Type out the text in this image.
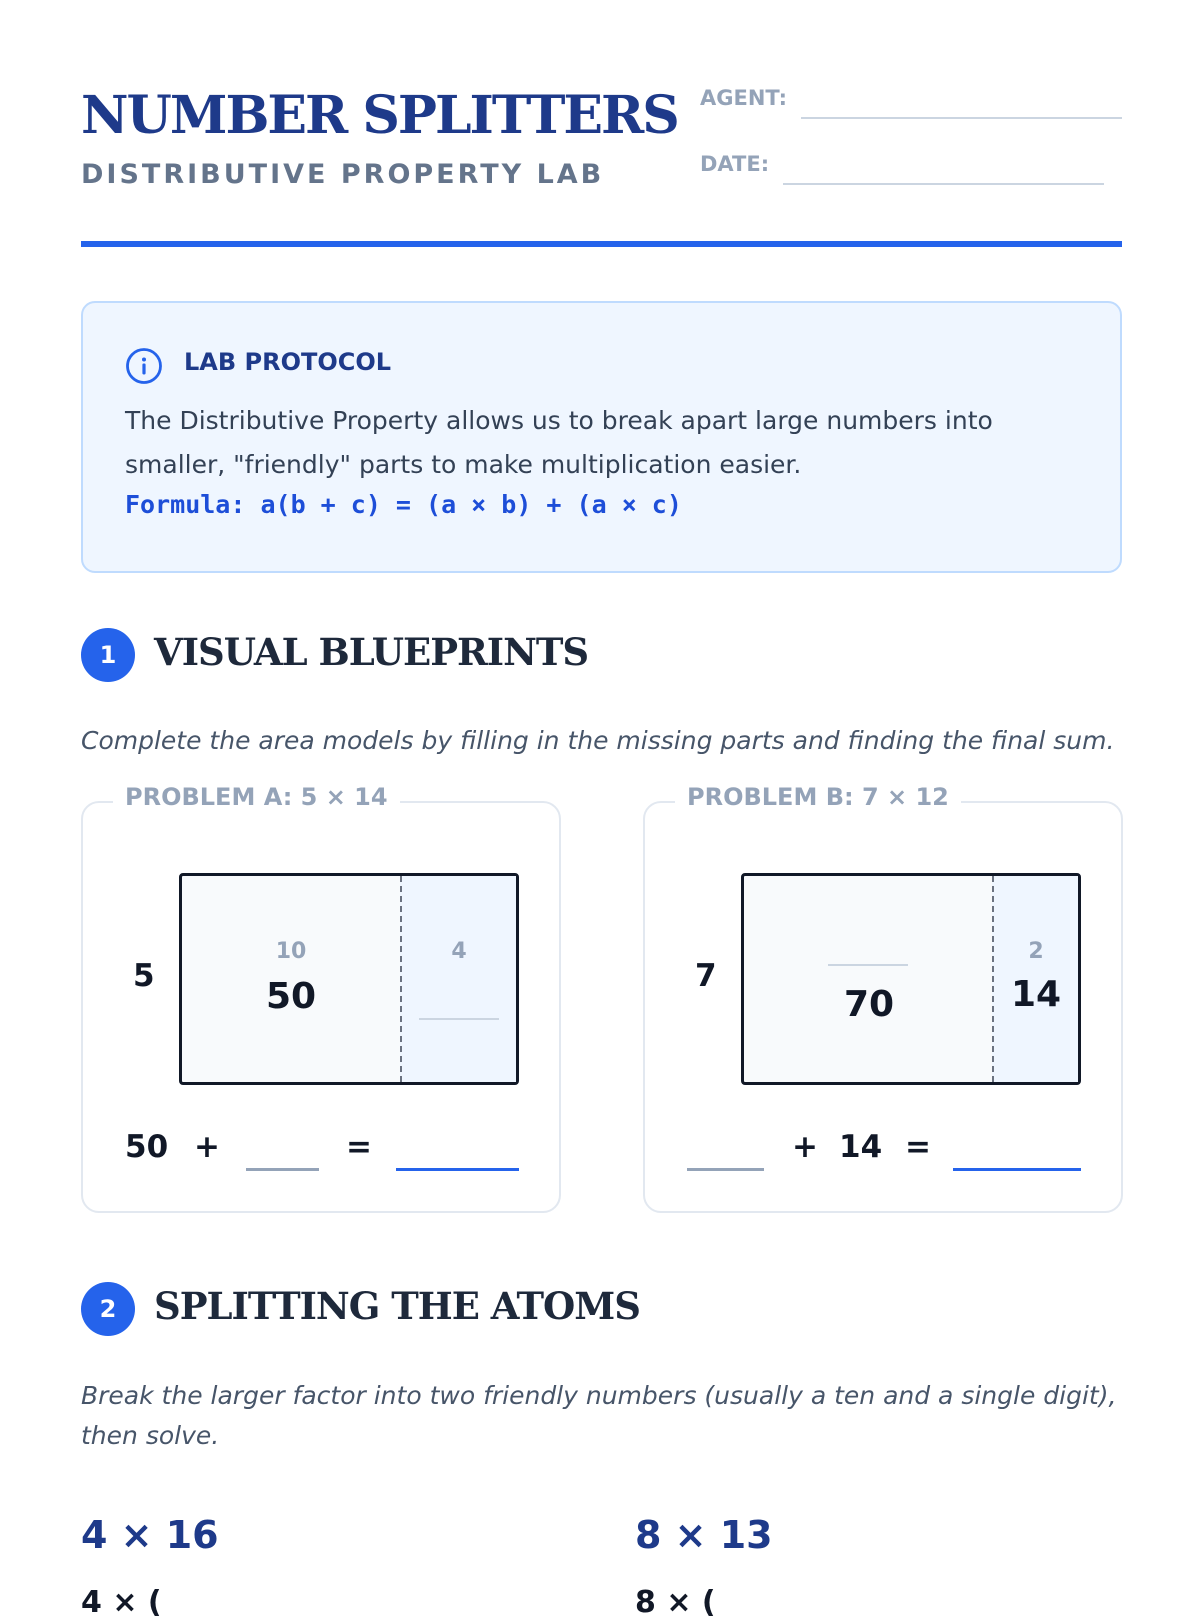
NUMBER SPLITTERS
DISTRIBUTIVE PROPERTY LAB
AGENT:
DATE:
LAB PROTOCOL
The Distributive Property allows us to break apart large numbers into smaller, "friendly" parts to make multiplication easier.
Formula: a(b + c) = (a × b) + (a × c)
1	VISUAL BLUEPRINTS
Complete the area models by filling in the missing parts and finding the final sum.
PROBLEM A: 5 × 14
5
10
50
4
50 +	=
PROBLEM B: 7 × 12
7
70
2
14
+ 14 =
2	SPLITTING THE ATOMS
Break the larger factor into two friendly numbers (usually a ten and a single digit), then solve.
4 × 16	8 × 13
4 × (	8 × (
